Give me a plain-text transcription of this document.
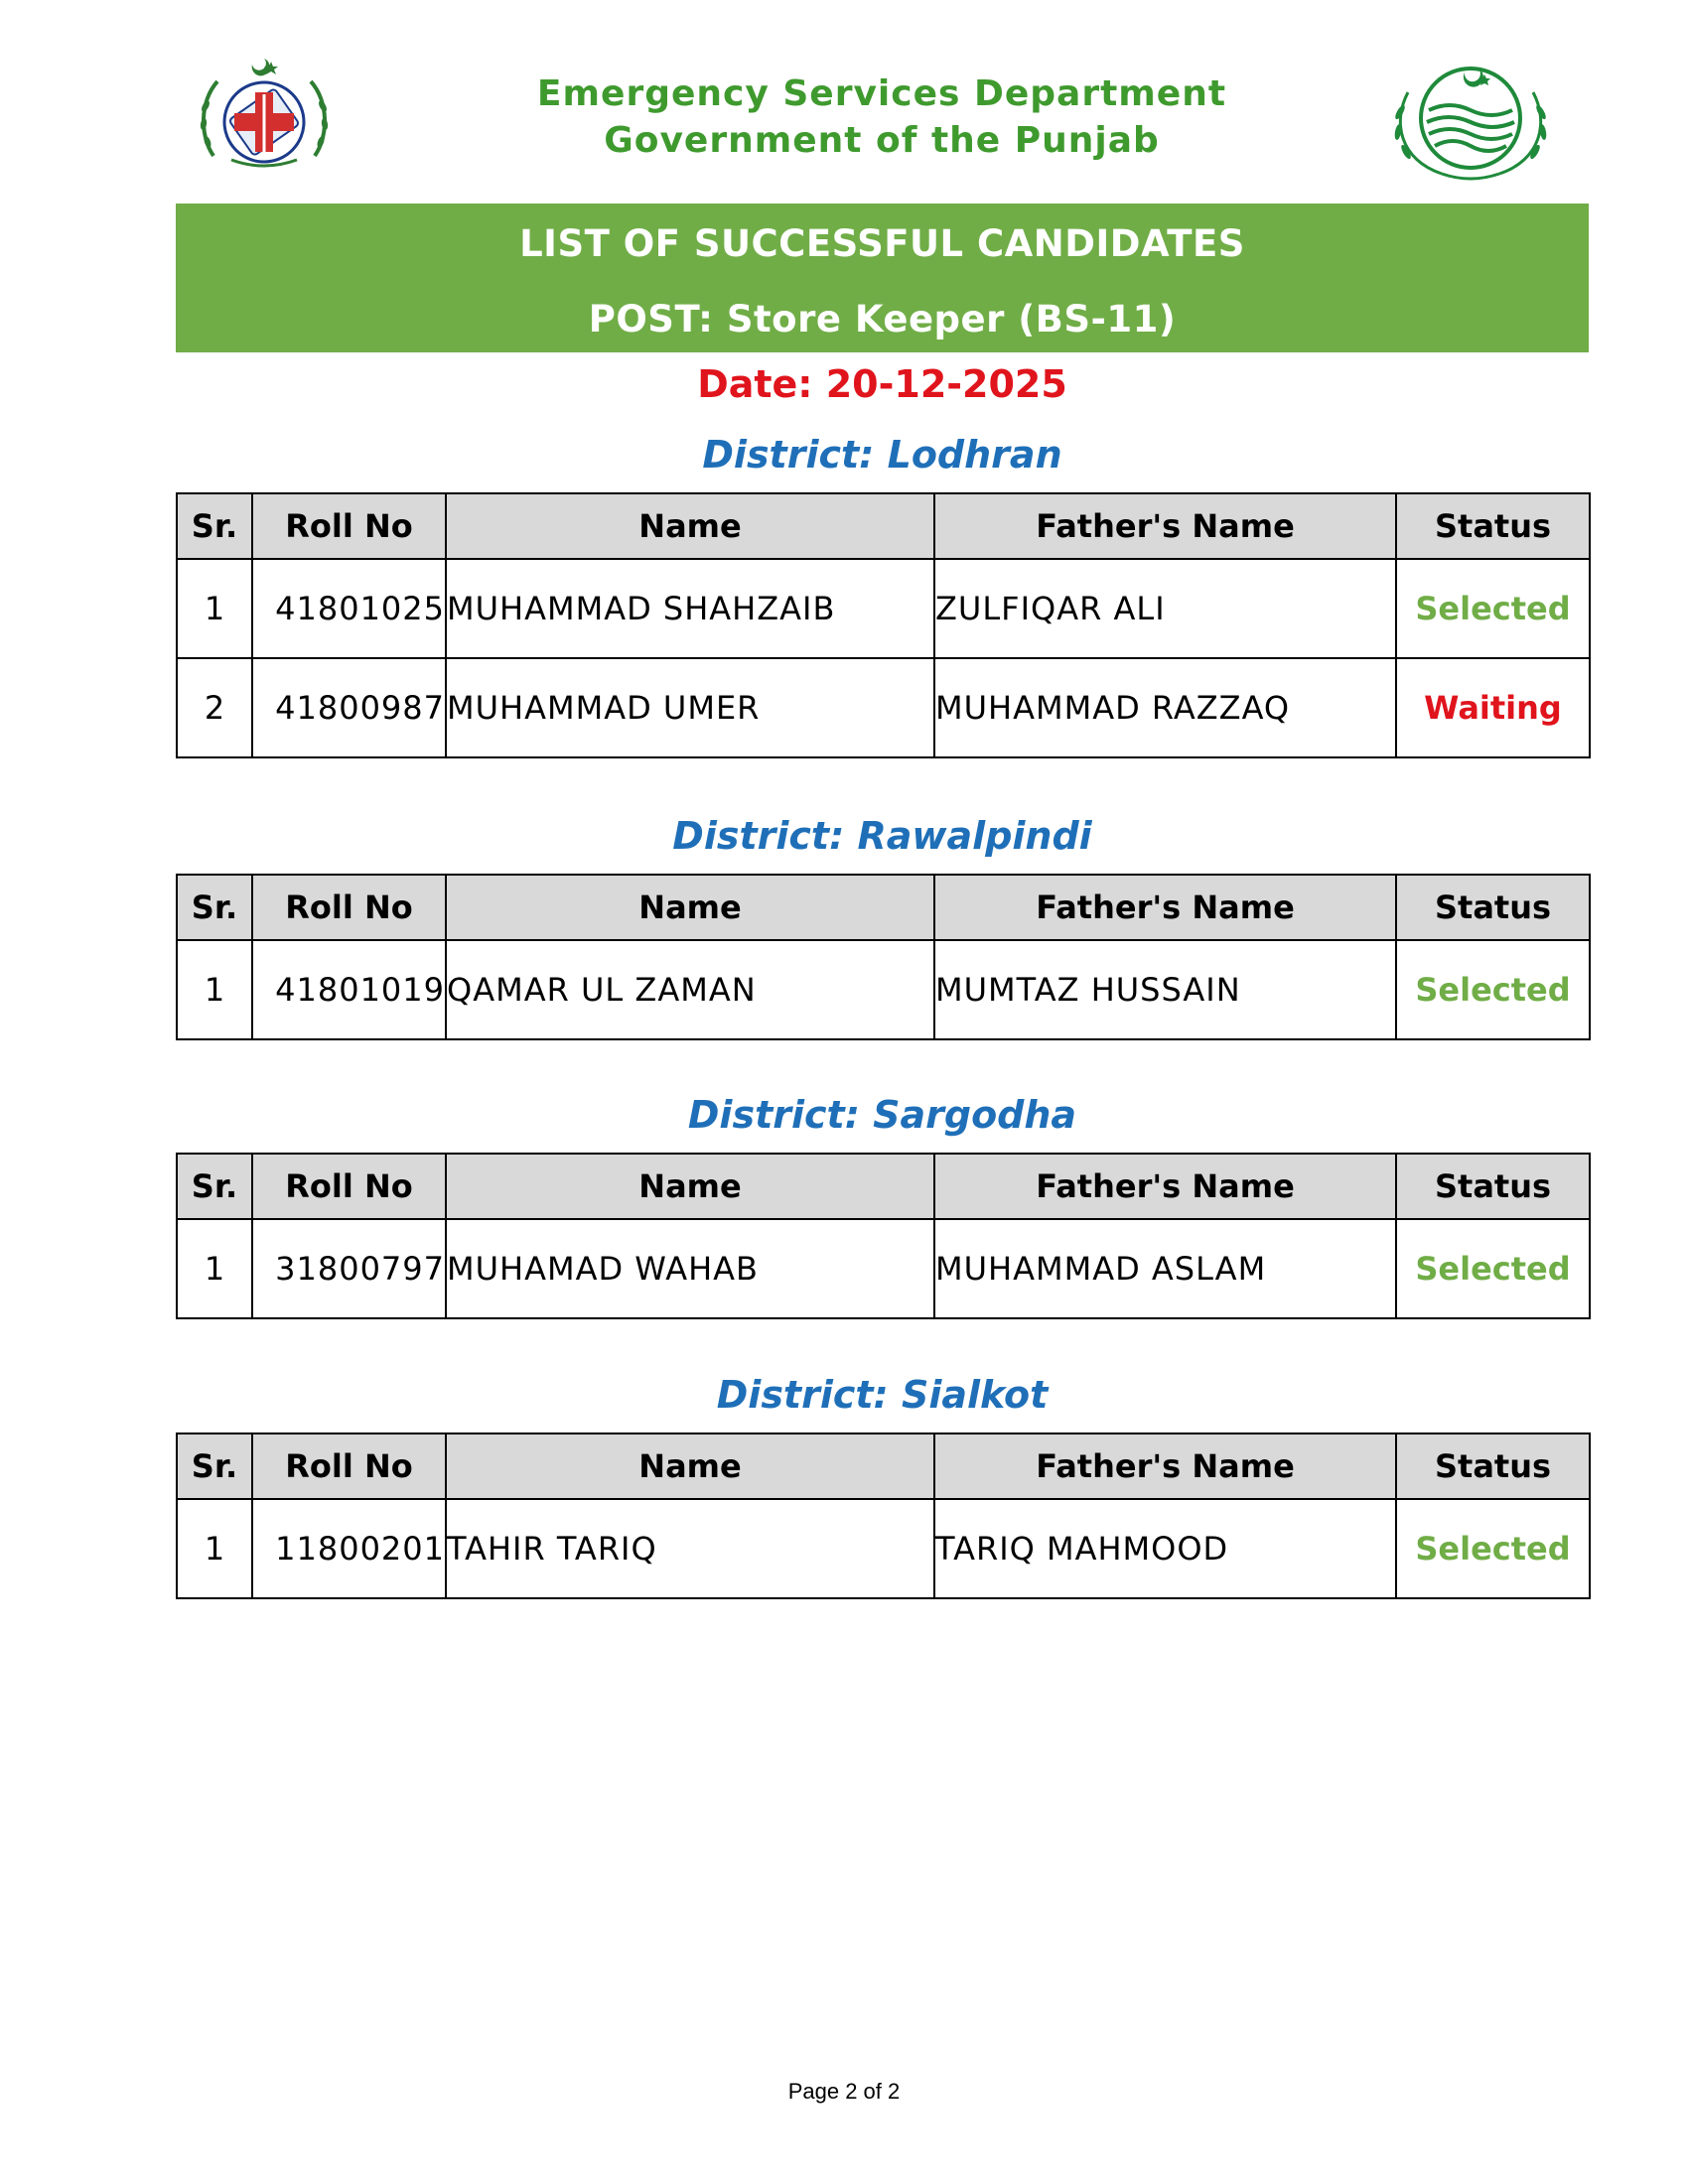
Emergency Services Department
Government of the Punjab
LIST OF SUCCESSFUL CANDIDATES
POST: Store Keeper (BS-11)
Date: 20-12-2025
District: Lodhran
Sr.	Roll No	Name	Father's Name	Status
1	41801025	MUHAMMAD SHAHZAIB	ZULFIQAR ALI	Selected
2	41800987	MUHAMMAD UMER	MUHAMMAD RAZZAQ	Waiting
District: Rawalpindi
Sr.	Roll No	Name	Father's Name	Status
1	41801019	QAMAR UL ZAMAN	MUMTAZ HUSSAIN	Selected
District: Sargodha
Sr.	Roll No	Name	Father's Name	Status
1	31800797	MUHAMAD WAHAB	MUHAMMAD ASLAM	Selected
District: Sialkot
Sr.	Roll No	Name	Father's Name	Status
1	11800201	TAHIR TARIQ	TARIQ MAHMOOD	Selected
Page 2 of 2
